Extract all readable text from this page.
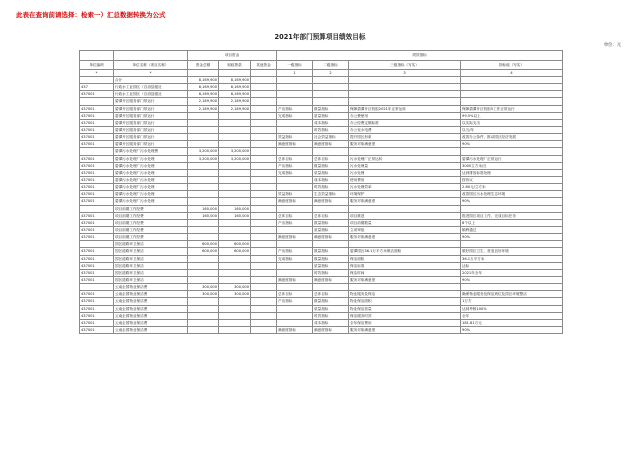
此表在查询前请选择：检索一）汇总数据转换为公式
2021年部门预算项目绩效目标
单位：元
		项目资金			绩效指标			
单位编码	单位名称（项目名称）	资金总额	财政拨款	其他资金	一级指标	二级指标	三级指标（写实）	指标值（写实）
*	*				1	2	3	4
	合计	8,169,900	8,169,900					
437	行政水工业园区（自治县级社	8,169,900	8,169,900					
437001	行政水工业园区（自治县级社	8,169,900	8,169,900					
	碧潭开区服务部门常运行	2,189,900	2,189,900					
437001	碧潭开区服务部门常运行	2,189,900	2,189,900		产出指标	数量指标	保障碧潭开区机组2021年正常运转	保障碧潭开区机组5工作正常运行
437001	碧潭开区服务部门常运行				完成指标	质量指标	办公费使用	99.5%以上
437001	碧潭开区服务部门常运行					成本指标	办公经费定额标准	以实际支出
437001	碧潭开区服务部门常运行					时效指标	办公室水电费	以当/年
437001	碧潭开区服务部门常运行				效益指标	社会效益指标	提升园区形象	改善办公条件，推动园区经济发展
437001	碧潭开区服务部门常运行				满意度指标	满意度指标	服务对象满意度	90%
	碧潭污水处理厂污水处理费	3,200,000	3,200,000					
437001	碧潭污水处理厂污水处理	3,200,000	3,200,000		总体目标	总体目标	污水处理厂正常运转	碧潭污水处理厂正常运行
437001	碧潭污水处理厂污水处理				产出指标	数量指标	污水处理量	3000立方米/日
437001	碧潭污水处理厂污水处理				完成指标	质量指标	污水处理	达到排放标准处理
437001	碧潭污水处理厂污水处理					成本指标	使用费用	按协议
437001	碧潭污水处理厂污水处理					时效指标	污水处理效率	2.80元/立方米
437001	碧潭污水处理厂污水处理				效益指标	生态效益指标	环境保护	改善园区污水处理生态环境
437001	碧潭污水处理厂污水处理				满意度指标	满意度指标	服务对象满意度	90%
	项目前期工作经费	160,000	160,000					
437001	项目前期工作经费	160,000	160,000		总体目标	总体目标	项目推进	推进园区项目工作，完成目标任务
437001	项目前期工作经费				产出指标	数量指标	项目前期数量	8个以上
437001	项目前期工作经费					质量指标	立项审批	顺利通过
437001	项目前期工作经费				满意度指标	满意度指标	服务对象满意度	90%
	园区道路环卫保洁	600,000	600,000					
437001	园区道路环卫保洁	600,000	600,000		产出指标	数量指标	碧潭园区36.1万平方米保洁面积	做好园区卫生，营造良好环境
437001	园区道路环卫保洁				完成指标	数量指标	保洁面积	36.1万平方米
437001	园区道路环卫保洁					质量指标	保洁标准	达标
437001	园区道路环卫保洁					时效指标	保洁时间	2021年全年
437001	园区道路环卫保洁				满意度指标	满意度指标	服务对象满意度	90%
	云南企园物业保洁费	300,000	300,000					
437001	云南企园物业保洁费	300,000	300,000		总体目标	总体目标	物业服务及保洁	确保物业服务及保洁到位及园区环境整洁
437001	云南企园物业保洁费				产出指标	数量指标	物业保洁面积	1万方
437001	云南企园物业保洁费					质量指标	物业保洁质量	达到考核100%
437001	云南企园物业保洁费					时效指标	保洁服务时效	全年
437001	云南企园物业保洁费					成本指标	全年保洁费用	181.81万元
437001	云南企园物业保洁费				满意度指标	满意度指标	服务对象满意度	90%
